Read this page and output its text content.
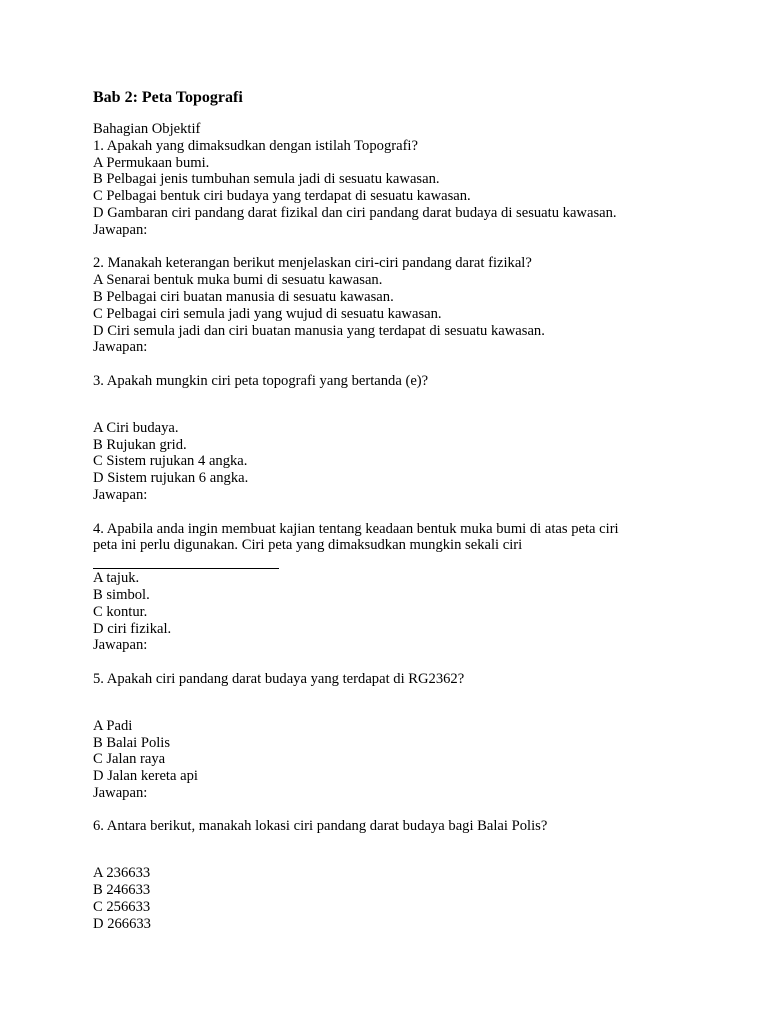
Bab 2: Peta Topografi
Bahagian Objektif
1. Apakah yang dimaksudkan dengan istilah Topografi?
A Permukaan bumi.
B Pelbagai jenis tumbuhan semula jadi di sesuatu kawasan.
C Pelbagai bentuk ciri budaya yang terdapat di sesuatu kawasan.
D Gambaran ciri pandang darat fizikal dan ciri pandang darat budaya di sesuatu kawasan.
Jawapan:
2. Manakah keterangan berikut menjelaskan ciri-ciri pandang darat fizikal?
A Senarai bentuk muka bumi di sesuatu kawasan.
B Pelbagai ciri buatan manusia di sesuatu kawasan.
C Pelbagai ciri semula jadi yang wujud di sesuatu kawasan.
D Ciri semula jadi dan ciri buatan manusia yang terdapat di sesuatu kawasan.
Jawapan:
3. Apakah mungkin ciri peta topografi yang bertanda (e)?
A Ciri budaya.
B Rujukan grid.
C Sistem rujukan 4 angka.
D Sistem rujukan 6 angka.
Jawapan:
4. Apabila anda ingin membuat kajian tentang keadaan bentuk muka bumi di atas peta ciri
peta ini perlu digunakan. Ciri peta yang dimaksudkan mungkin sekali ciri
A tajuk.
B simbol.
C kontur.
D ciri fizikal.
Jawapan:
5. Apakah ciri pandang darat budaya yang terdapat di RG2362?
A Padi
B Balai Polis
C Jalan raya
D Jalan kereta api
Jawapan:
6. Antara berikut, manakah lokasi ciri pandang darat budaya bagi Balai Polis?
A 236633
B 246633
C 256633
D 266633
